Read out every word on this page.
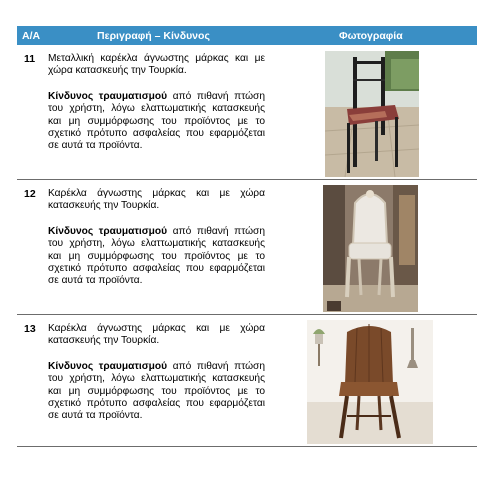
Α/Α	Περιγραφή – Κίνδυνος	Φωτογραφία
11 Μεταλλική καρέκλα άγνωστης μάρκας και με χώρα κατασκευής την Τουρκία.

Κίνδυνος τραυματισμού από πιθανή πτώση του χρήστη, λόγω ελαττωματικής κατασκευής και μη συμμόρφωσης του προϊόντος με το σχετικό πρότυπο ασφαλείας που εφαρμόζεται σε αυτά τα προϊόντα.

12 Καρέκλα άγνωστης μάρκας και με χώρα κατασκευής την Τουρκία.

Κίνδυνος τραυματισμού από πιθανή πτώση του χρήστη, λόγω ελαττωματικής κατασκευής και μη συμμόρφωσης του προϊόντος με το σχετικό πρότυπο ασφαλείας που εφαρμόζεται σε αυτά τα προϊόντα.

13 Καρέκλα άγνωστης μάρκας και με χώρα κατασκευής την Τουρκία.

Κίνδυνος τραυματισμού από πιθανή πτώση του χρήστη, λόγω ελαττωματικής κατασκευής και μη συμμόρφωσης του προϊόντος με το σχετικό πρότυπο ασφαλείας που εφαρμόζεται σε αυτά τα προϊόντα.
